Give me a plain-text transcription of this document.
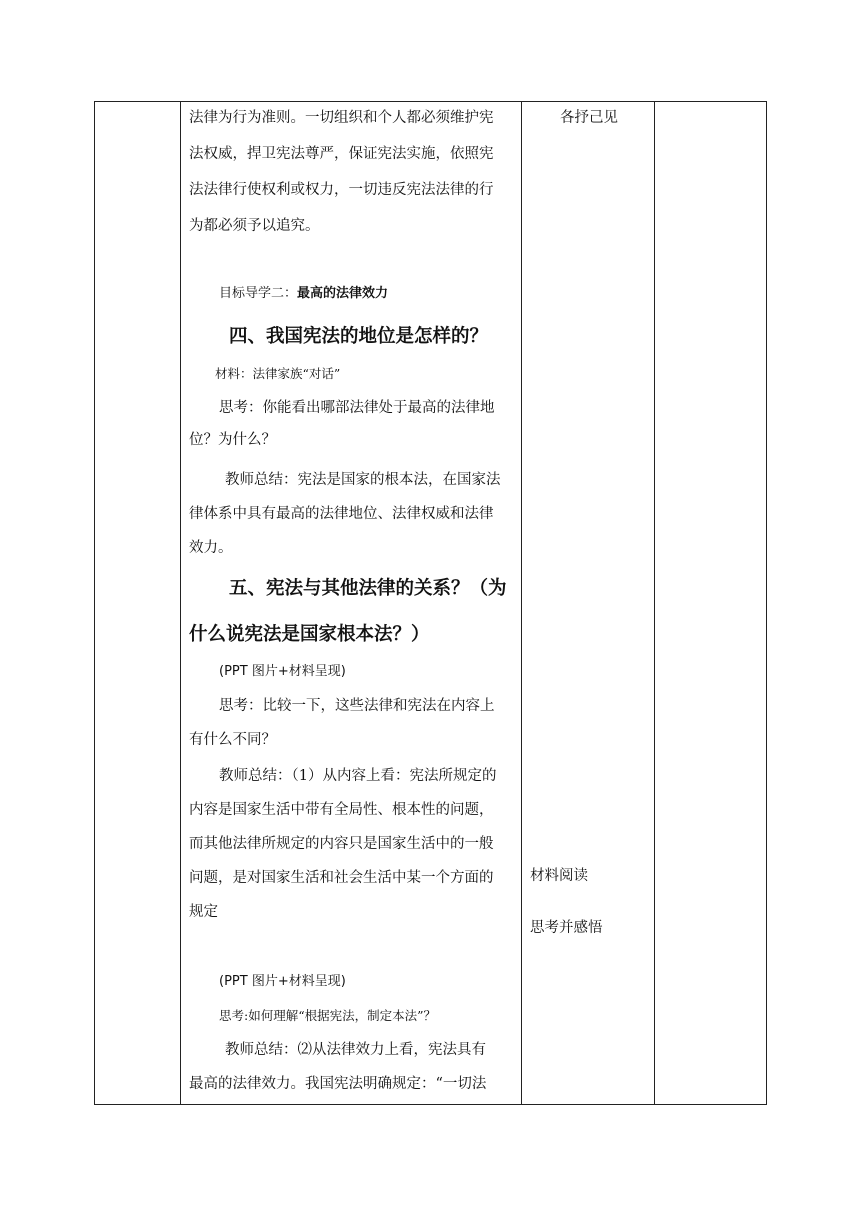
法律为行为准则。一切组织和个人都必须维护宪

法权威，捍卫宪法尊严，保证宪法实施，依照宪

法法律行使权利或权力，一切违反宪法法律的行

为都必须予以追究。

目标导学二：最高的法律效力

四、我国宪法的地位是怎样的？

材料：法律家族“对话”

思考：你能看出哪部法律处于最高的法律地

位？为什么？

教师总结：宪法是国家的根本法，在国家法

律体系中具有最高的法律地位、法律权威和法律

效力。

五、宪法与其他法律的关系？（为
什么说宪法是国家根本法？）

(PPT 图片+材料呈现)

思考：比较一下，这些法律和宪法在内容上

有什么不同？

教师总结：（1）从内容上看：宪法所规定的

内容是国家生活中带有全局性、根本性的问题，

而其他法律所规定的内容只是国家生活中的一般

问题，是对国家生活和社会生活中某一个方面的

规定

(PPT 图片+材料呈现)

思考:如何理解“根据宪法，制定本法”？

教师总结：⑵从法律效力上看，宪法具有

最高的法律效力。我国宪法明确规定：“一切法

各抒己见

材料阅读

思考并感悟
